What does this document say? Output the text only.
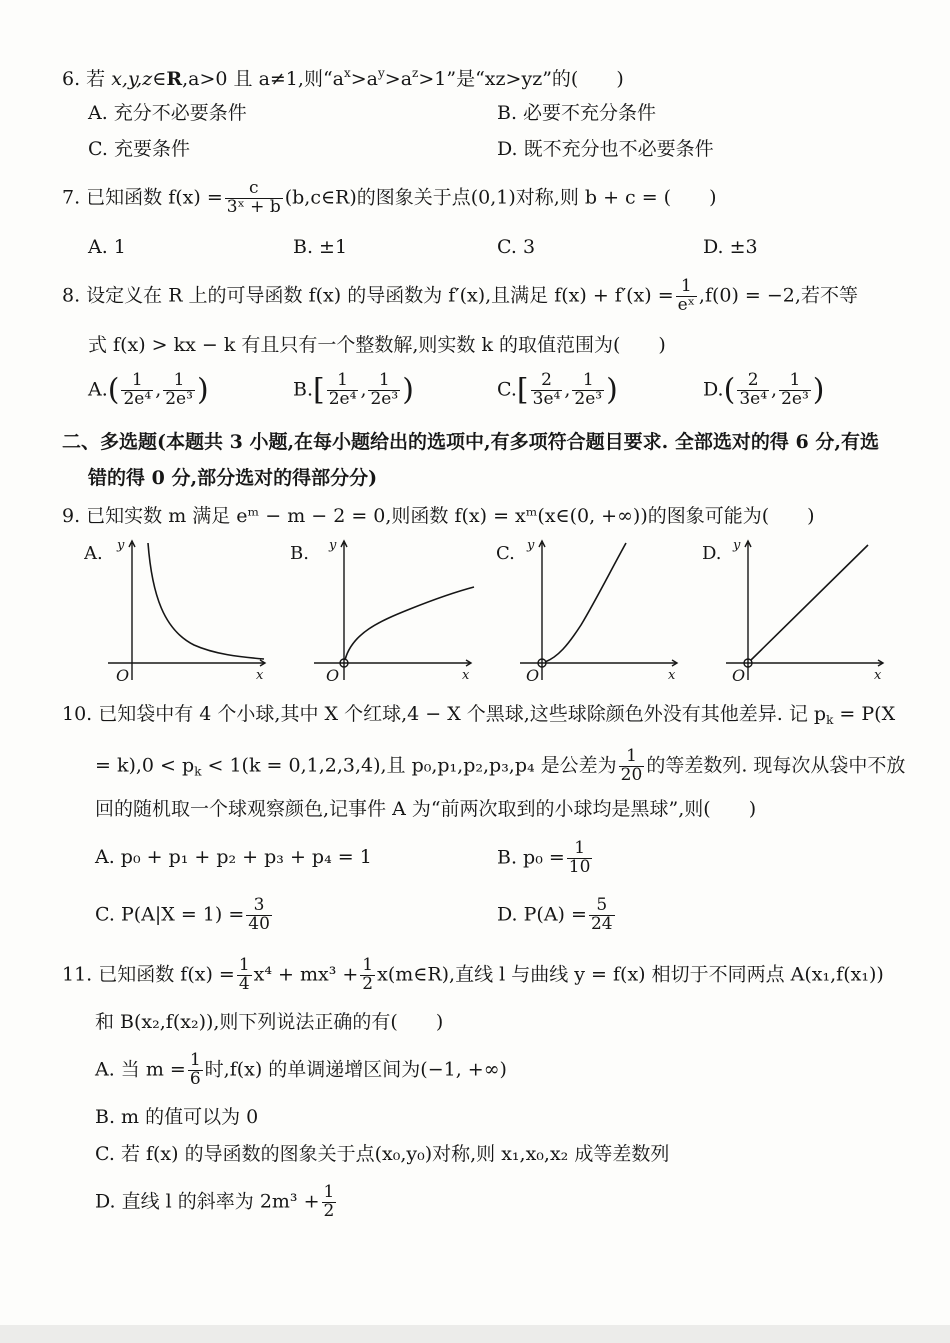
6. 若 x,y,z∈R,a>0 且 a≠1,则“$a^x>a^y>a^z>1$”是“xz>yz”的(　　)
A. 充分不必要条件	B. 必要不充分条件
C. 充要条件	D. 既不充分也不必要条件
7. 已知函数 $f(x) = \frac{c}{\text{3ˣ + b}}$ (b,c∈R)的图象关于点(0,1)对称,则 b + c = (　　)
A. 1	B. ±1	C. 3	D. ±3
8. 设定义在 R 上的可导函数 f(x) 的导函数为 f′(x),且满足 $f(x) + f'(x) = \frac{1}{\text{eˣ}} ,f(0) = -2$,若不等
式 f(x) > kx − k 有且只有一个整数解,则实数 k 的取值范围为(　　)
$A.( \frac{1}{\text{2e⁴}}$ , $\frac{1}{\text{2e³}}$ )	$B.[ \frac{1}{\text{2e⁴}}$ , $\frac{1}{\text{2e³}}$ )	$C.[ \frac{2}{\text{3e⁴}}$ , $\frac{1}{\text{2e³}}$ )	$D.( \frac{2}{\text{3e⁴}}$ , $\frac{1}{\text{2e³}}$ )
二、多选题(本题共 3 小题,在每小题给出的选项中,有多项符合题目要求. 全部选对的得 6 分,有选
错的得 0 分,部分选对的得部分分)
9. 已知实数 m 满足 eᵐ − m − 2 = 0,则函数 f(x) = xᵐ(x∈(0, +∞))的图象可能为(　　)
A. y
x
O
B. y
x
O
C. y
x
O
D. y
x
O
10. 已知袋中有 4 个小球,其中 X 个红球,4 − X 个黑球,这些球除颜色外没有其他差异. 记 $p_k = P(X$
= $k),0 < p_k < 1(k = 0,1,2,3,4)$,且 p₀,p₁,p₂,p₃,p₄ 是公差为 $\frac{1}{20}$ 的等差数列. 现每次从袋中不放
回的随机取一个球观察颜色,记事件 A 为“前两次取到的小球均是黑球”,则(　　)
A. p₀ + p₁ + p₂ + p₃ + p₄ = 1	B. $p_0 = \frac{1}{10}$
C. $P(A|X = 1) = \frac{3}{40}$	D. $P(A) = \frac{5}{24}$
11. 已知函数 $f(x) = \frac{1}{4} x^4 + mx^3 + \frac{1}{2}$ x(m∈R),直线 l 与曲线 y = f(x) 相切于不同两点 A(x₁,f(x₁))
和 B(x₂,f(x₂)),则下列说法正确的有(　　)
A. 当 $m = \frac{1}{6}$ 时,f(x) 的单调递增区间为(−1, +∞)
B. m 的值可以为 0
C. 若 f(x) 的导函数的图象关于点(x₀,y₀)对称,则 x₁,x₀,x₂ 成等差数列
D. 直线 l 的斜率为 $2m^3 + \frac{1}{2}$
